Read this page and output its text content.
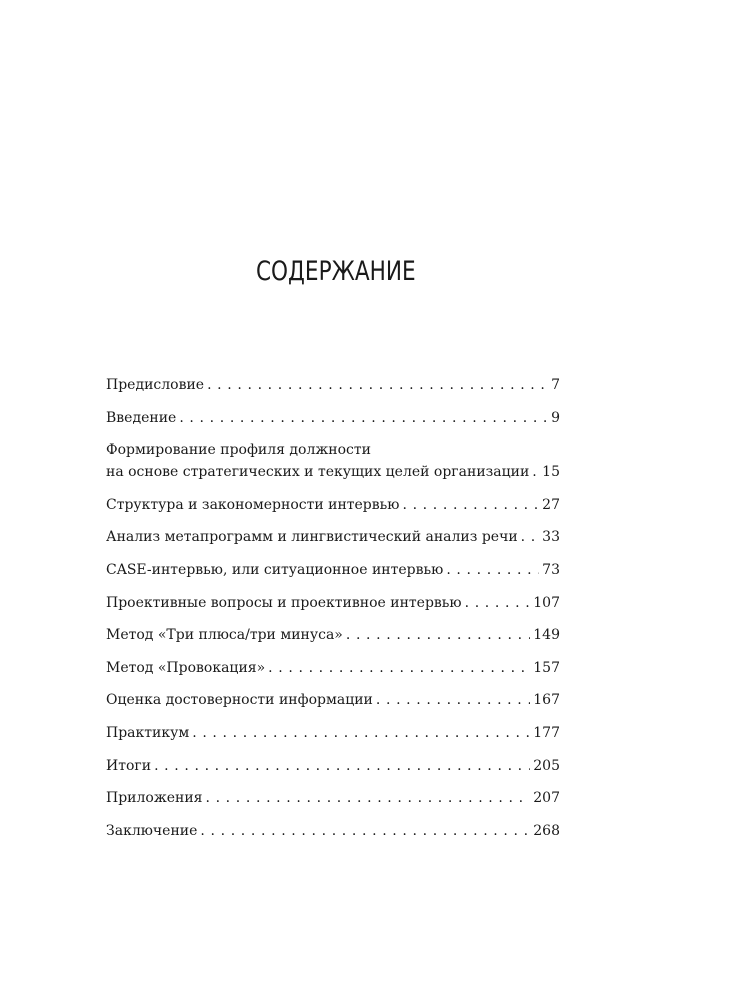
СОДЕРЖАНИЕ
Предисловие . . .	7
Введение . . .	9
Формирование профиля должности
на основе стратегических и текущих целей организации . . . 15
Структура и закономерности интервью . . .	27
Анализ метапрограмм и лингвистический анализ речи . . . 33
CASE-интервью, или ситуационное интервью . . .	73
Проективные вопросы и проективное интервью . . .	107
Метод «Три плюса/три минуса» . . .	149
Метод «Провокация» . . .	157
Оценка достоверности информации . . .	167
Практикум . . .	177
Итоги . . .	205
Приложения . . .	207
Заключение . . .	268
